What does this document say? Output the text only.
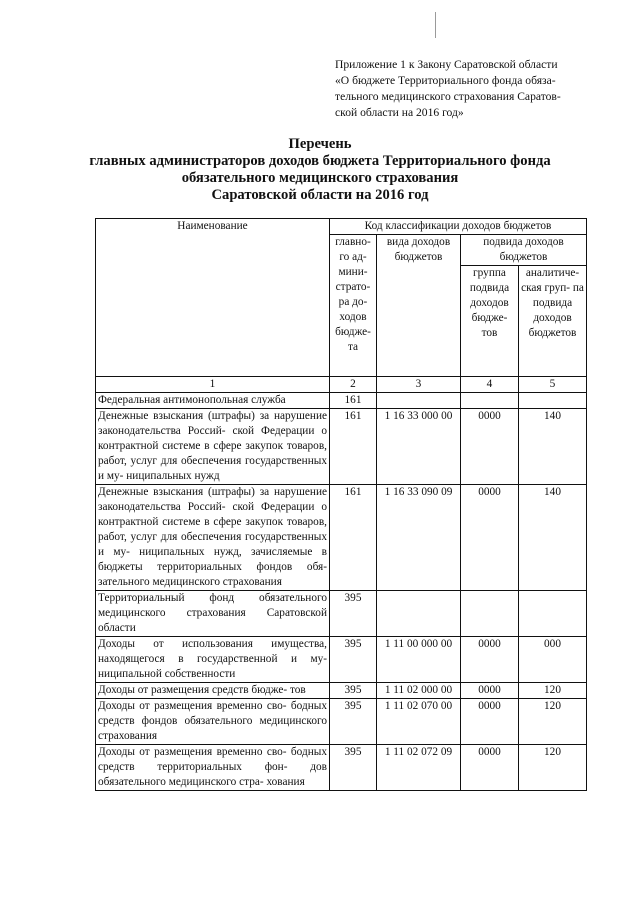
Приложение 1 к Закону Саратовской области
«О бюджете Территориального фонда обяза-
тельного медицинского страхования Саратов-
ской области на 2016 год»
Перечень
главных администраторов доходов бюджета Территориального фонда
обязательного медицинского страхования
Саратовской области на 2016 год
Наименование	Код классификации доходов бюджетов			
	главно- го ад- мини- страто- ра до- ходов бюдже- та	вида доходов бюджетов	подвида доходов бюджетов	
			группа подвида доходов бюдже- тов	аналитиче- ская груп- па подвида доходов бюджетов
1	2	3	4	5
Федеральная антимонопольная служба	161			
Денежные взыскания (штрафы) за нарушение законодательства Россий- ской Федерации о контрактной системе в сфере закупок товаров, работ, услуг для обеспечения государственных и му- ниципальных нужд	161	1 16 33 000 00	0000	140
Денежные взыскания (штрафы) за нарушение законодательства Россий- ской Федерации о контрактной системе в сфере закупок товаров, работ, услуг для обеспечения государственных и му- ниципальных нужд, зачисляемые в бюджеты территориальных фондов обя- зательного медицинского страхования	161	1 16 33 090 09	0000	140
Территориальный фонд обязательного медицинского страхования Саратовской области	395			
Доходы от использования имущества, находящегося в государственной и му- ниципальной собственности	395	1 11 00 000 00	0000	000
Доходы от размещения средств бюдже- тов	395	1 11 02 000 00	0000	120
Доходы от размещения временно сво- бодных средств фондов обязательного медицинского страхования	395	1 11 02 070 00	0000	120
Доходы от размещения временно сво- бодных средств территориальных фон- дов обязательного медицинского стра- хования	395	1 11 02 072 09	0000	120
